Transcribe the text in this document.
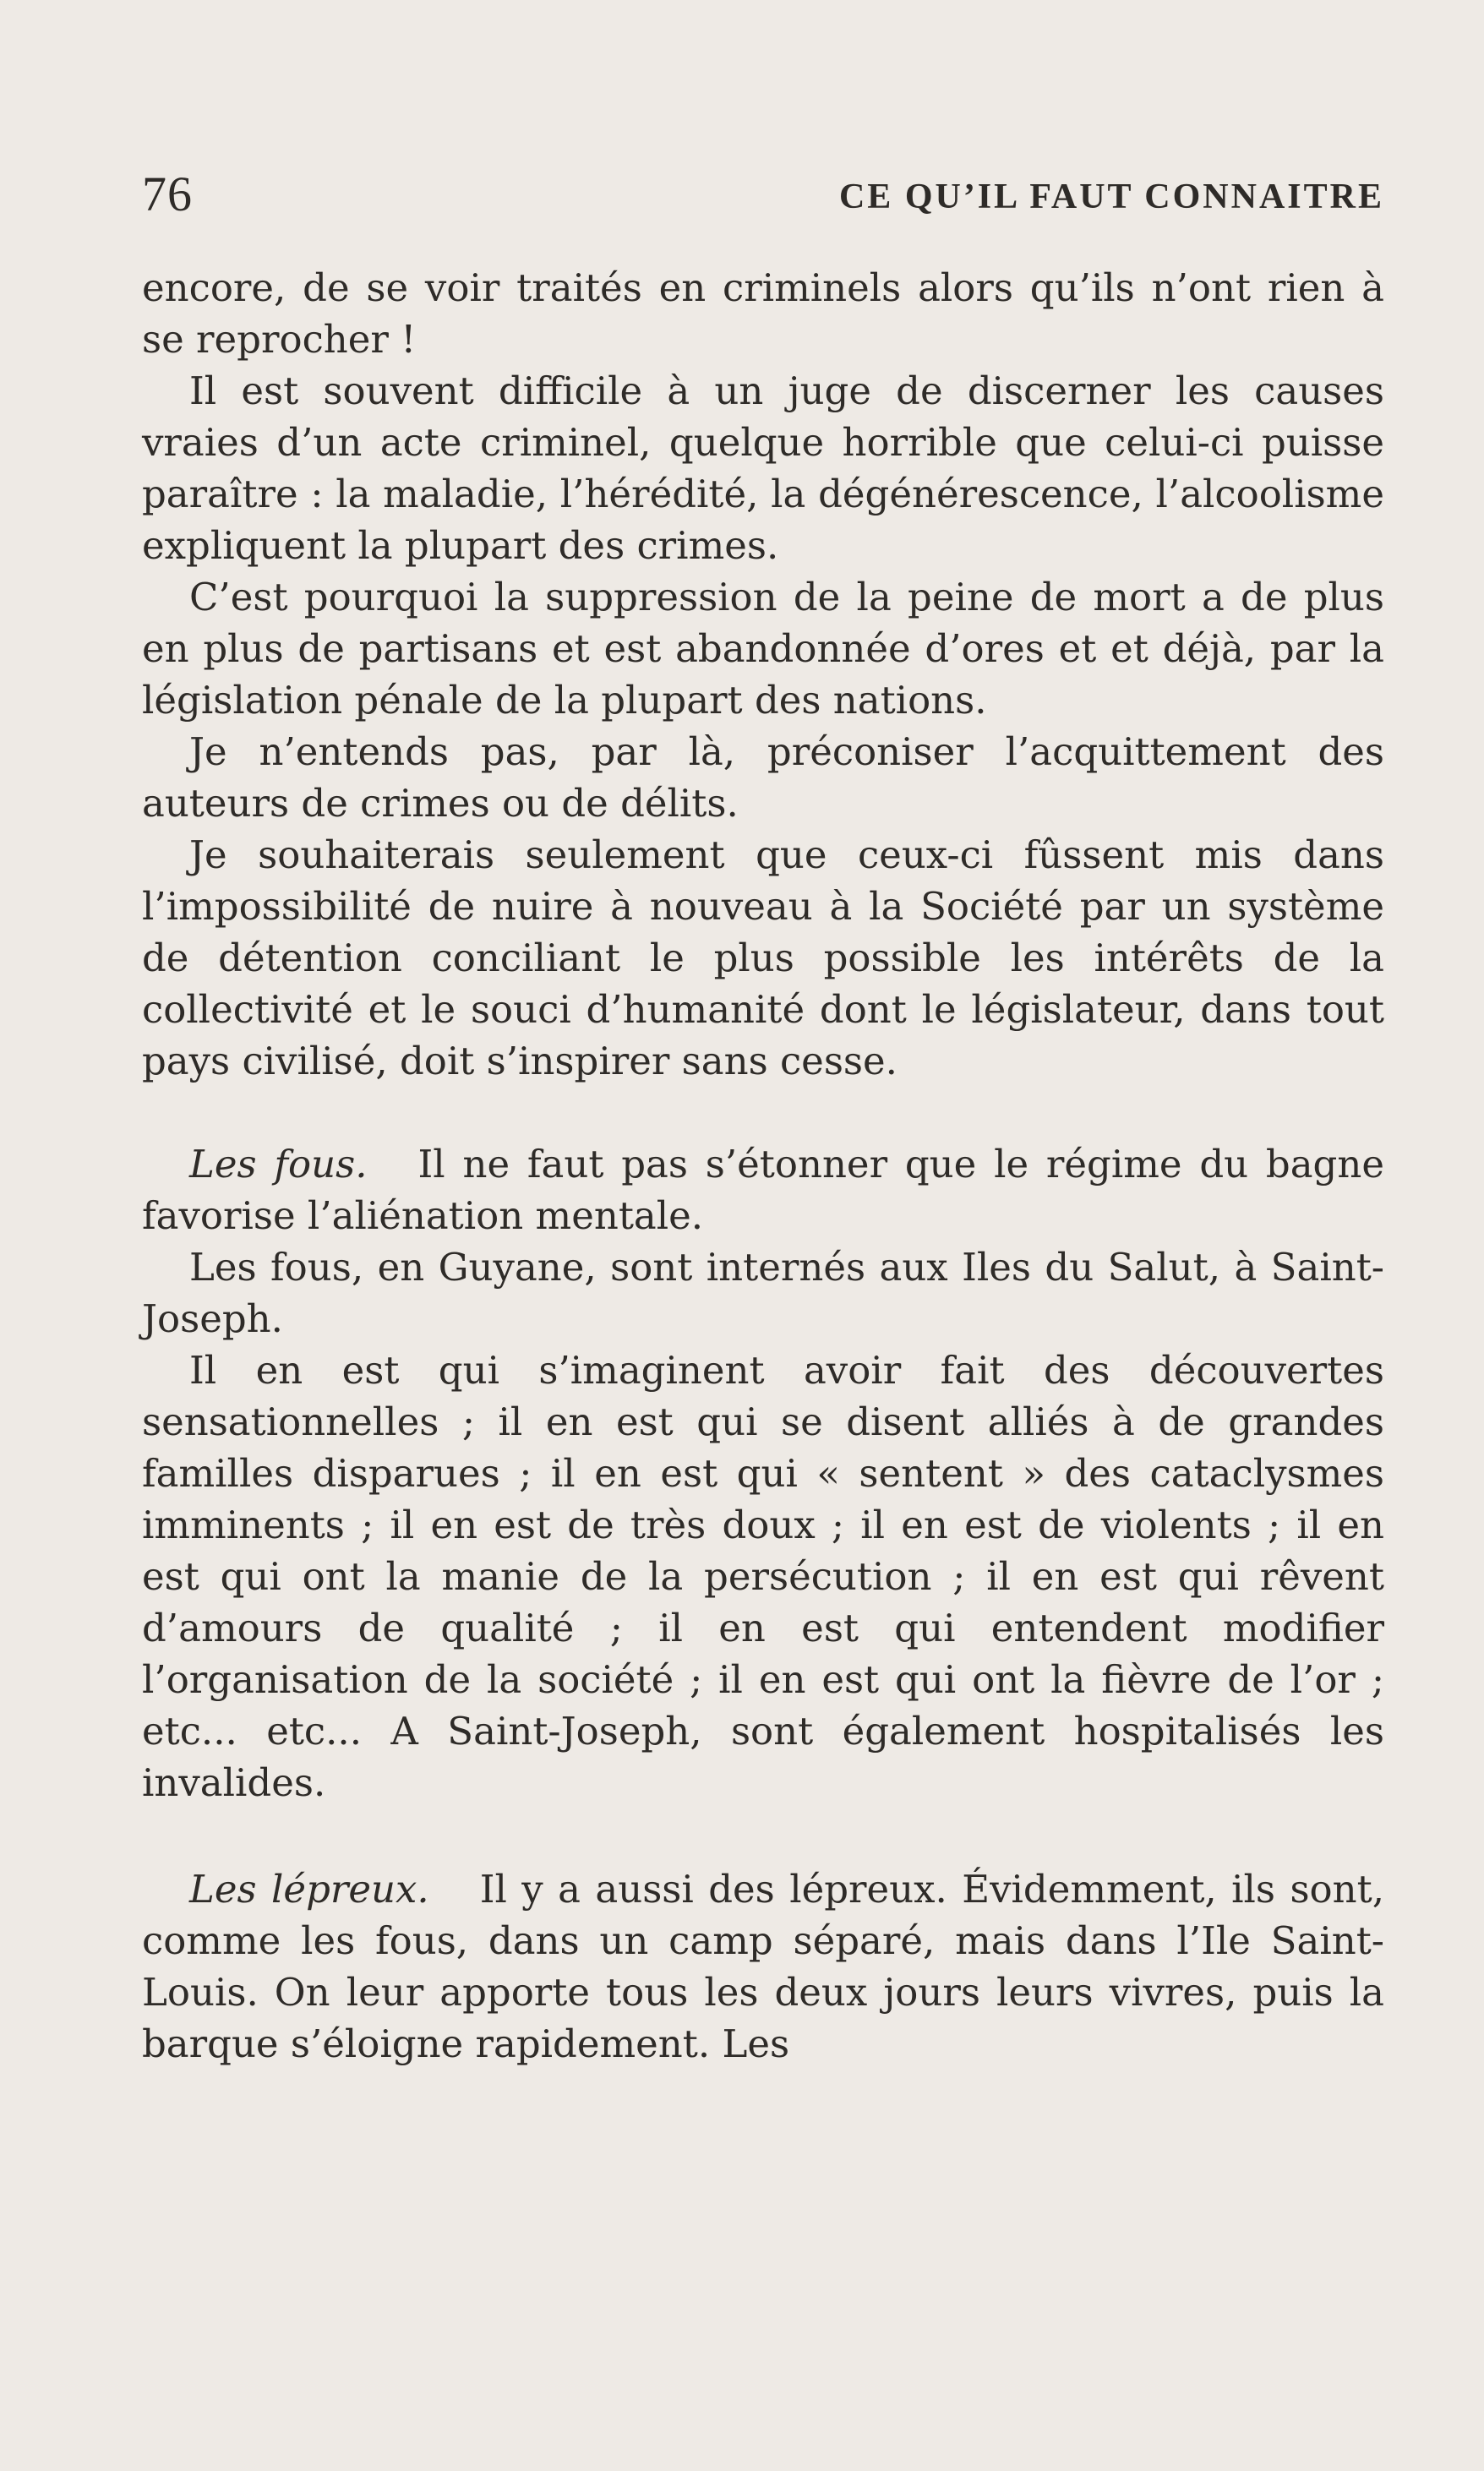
76	CE QU’IL FAUT CONNAITRE

encore, de se voir traités en criminels alors qu’ils n’ont rien à se reprocher !

Il est souvent difficile à un juge de discerner les causes vraies d’un acte criminel, quelque horrible que celui-ci puisse paraître : la maladie, l’hérédité, la dégénérescence, l’alcoolisme expliquent la plupart des crimes.

C’est pourquoi la suppression de la peine de mort a de plus en plus de partisans et est abandonnée d’ores et et déjà, par la législation pénale de la plupart des nations.

Je n’entends pas, par là, préconiser l’acquittement des auteurs de crimes ou de délits.

Je souhaiterais seulement que ceux-ci fûssent mis dans l’impossibilité de nuire à nouveau à la Société par un système de détention conciliant le plus possible les intérêts de la collectivité et le souci d’humanité dont le législateur, dans tout pays civilisé, doit s’inspirer sans cesse.

Les fous. Il ne faut pas s’étonner que le régime du bagne favorise l’aliénation mentale.

Les fous, en Guyane, sont internés aux Iles du Salut, à Saint-Joseph.

Il en est qui s’imaginent avoir fait des découvertes sensationnelles ; il en est qui se disent alliés à de grandes familles disparues ; il en est qui « sentent » des cataclysmes imminents ; il en est de très doux ; il en est de violents ; il en est qui ont la manie de la persécution ; il en est qui rêvent d’amours de qualité ; il en est qui entendent modifier l’organisation de la société ; il en est qui ont la fièvre de l’or ; etc... etc... A Saint-Joseph, sont également hospitalisés les invalides.

Les lépreux. Il y a aussi des lépreux. Évidemment, ils sont, comme les fous, dans un camp séparé, mais dans l’Ile Saint-Louis. On leur apporte tous les deux jours leurs vivres, puis la barque s’éloigne rapidement. Les
